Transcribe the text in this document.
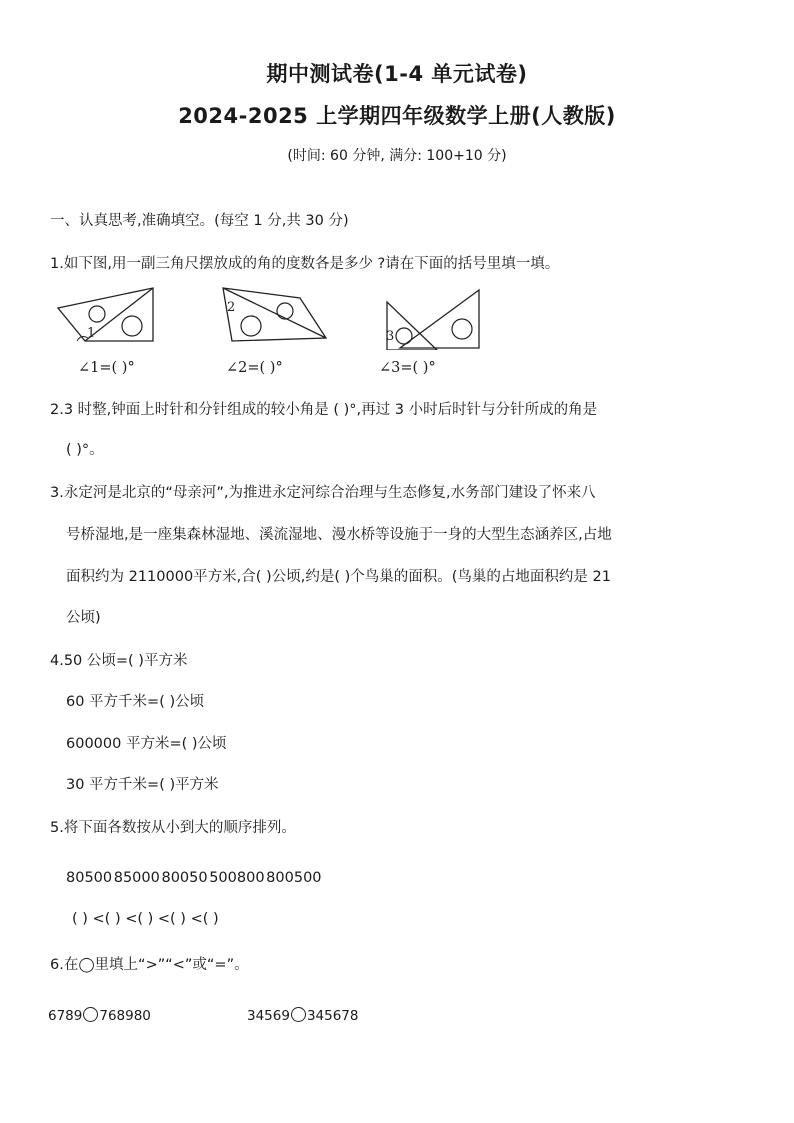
期中测试卷(1-4 单元试卷)
2024-2025 上学期四年级数学上册(人教版)
(时间: 60 分钟, 满分: 100+10 分)
一、认真思考,准确填空。(每空 1 分,共 30 分)
1.如下图,用一副三角尺摆放成的角的度数各是多少 ?请在下面的括号里填一填。
1
2
3
∠1=( )°	∠2=( )°	∠3=( )°
2.3 时整,钟面上时针和分针组成的较小角是 ( )°,再过 3 小时后时针与分针所成的角是
( )°。
3.永定河是北京的“母亲河”,为推进永定河综合治理与生态修复,水务部门建设了怀来八
号桥湿地,是一座集森林湿地、溪流湿地、漫水桥等设施于一身的大型生态涵养区,占地
面积约为 2110000平方米,合( )公顷,约是( )个鸟巢的面积。(鸟巢的占地面积约是 21
公顷)
4.50 公顷=( )平方米
60 平方千米=( )公顷
600000 平方米=( )公顷
30 平方千米=( )平方米
5.将下面各数按从小到大的顺序排列。
80500 85000 80050 500800 800500
( ) <( ) <( ) <( ) <( )
6.在◯里填上“>”“<”或“=”。
6789 768980	34569 345678
